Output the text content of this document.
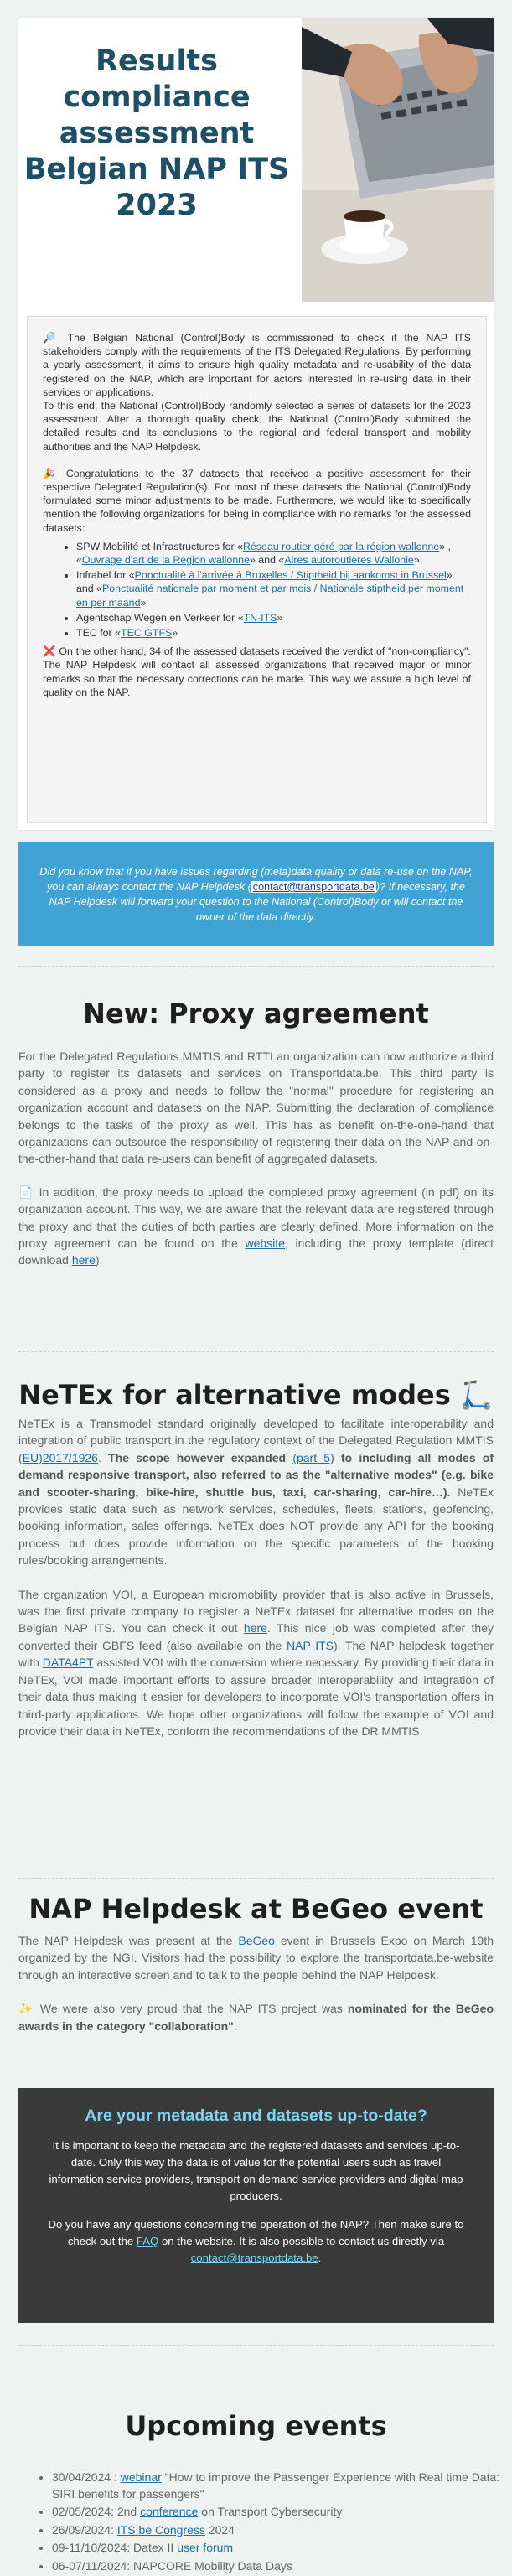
Results
compliance
assessment
Belgian NAP ITS
2023

🔎 The Belgian National (Control)Body is commissioned to check if the NAP ITS stakeholders comply with the requirements of the ITS Delegated Regulations. By performing a yearly assessment, it aims to ensure high quality metadata and re-usability of the data registered on the NAP, which are important for actors interested in re-using data in their services or applications.

To this end, the National (Control)Body randomly selected a series of datasets for the 2023 assessment. After a thorough quality check, the National (Control)Body submitted the detailed results and its conclusions to the regional and federal transport and mobility authorities and the NAP Helpdesk.

🎉 Congratulations to the 37 datasets that received a positive assessment for their respective Delegated Regulation(s). For most of these datasets the National (Control)Body formulated some minor adjustments to be made. Furthermore, we would like to specifically mention the following organizations for being in compliance with no remarks for the assessed datasets:

• SPW Mobilité et Infrastructures for «Réseau routier géré par la région wallonne» , «Ouvrage d'art de la Région wallonne» and «Aires autoroutières Wallonie»
• Infrabel for «Ponctualité à l'arrivée à Bruxelles / Stiptheid bij aankomst in Brussel» and «Ponctualité nationale par moment et par mois / Nationale stiptheid per moment en per maand»
• Agentschap Wegen en Verkeer for «TN-ITS»
• TEC for «TEC GTFS»

❌ On the other hand, 34 of the assessed datasets received the verdict of "non-compliancy". The NAP Helpdesk will contact all assessed organizations that received major or minor remarks so that the necessary corrections can be made. This way we assure a high level of quality on the NAP.

Did you know that if you have issues regarding (meta)data quality or data re-use on the NAP, you can always contact the NAP Helpdesk ( contact@transportdata.be )? If necessary, the NAP Helpdesk will forward your question to the National (Control)Body or will contact the owner of the data directly.
New: Proxy agreement

For the Delegated Regulations MMTIS and RTTI an organization can now authorize a third party to register its datasets and services on Transportdata.be. This third party is considered as a proxy and needs to follow the "normal" procedure for registering an organization account and datasets on the NAP. Submitting the declaration of compliance belongs to the tasks of the proxy as well. This has as benefit on-the-one-hand that organizations can outsource the responsibility of registering their data on the NAP and on-the-other-hand that data re-users can benefit of aggregated datasets.

📄 In addition, the proxy needs to upload the completed proxy agreement (in pdf) on its organization account. This way, we are aware that the relevant data are registered through the proxy and that the duties of both parties are clearly defined. More information on the proxy agreement can be found on the website, including the proxy template (direct download here).

NeTEx for alternative modes 🛴

NeTEx is a Transmodel standard originally developed to facilitate interoperability and integration of public transport in the regulatory context of the Delegated Regulation MMTIS (EU)2017/1926. The scope however expanded (part 5) to including all modes of demand responsive transport, also referred to as the "alternative modes" (e.g. bike and scooter-sharing, bike-hire, shuttle bus, taxi, car-sharing, car-hire…). NeTEx provides static data such as network services, schedules, fleets, stations, geofencing, booking information, sales offerings. NeTEx does NOT provide any API for the booking process but does provide information on the specific parameters of the booking rules/booking arrangements.

The organization VOI, a European micromobility provider that is also active in Brussels, was the first private company to register a NeTEx dataset for alternative modes on the Belgian NAP ITS. You can check it out here. This nice job was completed after they converted their GBFS feed (also available on the NAP ITS). The NAP helpdesk together with DATA4PT assisted VOI with the conversion where necessary. By providing their data in NeTEx, VOI made important efforts to assure broader interoperability and integration of their data thus making it easier for developers to incorporate VOI's transportation offers in third-party applications. We hope other organizations will follow the example of VOI and provide their data in NeTEx, conform the recommendations of the DR MMTIS.

NAP Helpdesk at BeGeo event

The NAP Helpdesk was present at the BeGeo event in Brussels Expo on March 19th organized by the NGI. Visitors had the possibility to explore the transportdata.be-website through an interactive screen and to talk to the people behind the NAP Helpdesk.

✨ We were also very proud that the NAP ITS project was nominated for the BeGeo awards in the category "collaboration".

Are your metadata and datasets up-to-date?

It is important to keep the metadata and the registered datasets and services up-to-date. Only this way the data is of value for the potential users such as travel information service providers, transport on demand service providers and digital map producers.

Do you have any questions concerning the operation of the NAP? Then make sure to check out the FAQ on the website. It is also possible to contact us directly via contact@transportdata.be.

Upcoming events
• 30/04/2024 : webinar "How to improve the Passenger Experience with Real time Data: SIRI benefits for passengers"
• 02/05/2024: 2nd conference on Transport Cybersecurity
• 26/09/2024: ITS.be Congress 2024
• 09-11/10/2024: Datex II user forum
• 06-07/11/2024: NAPCORE Mobility Data Days
